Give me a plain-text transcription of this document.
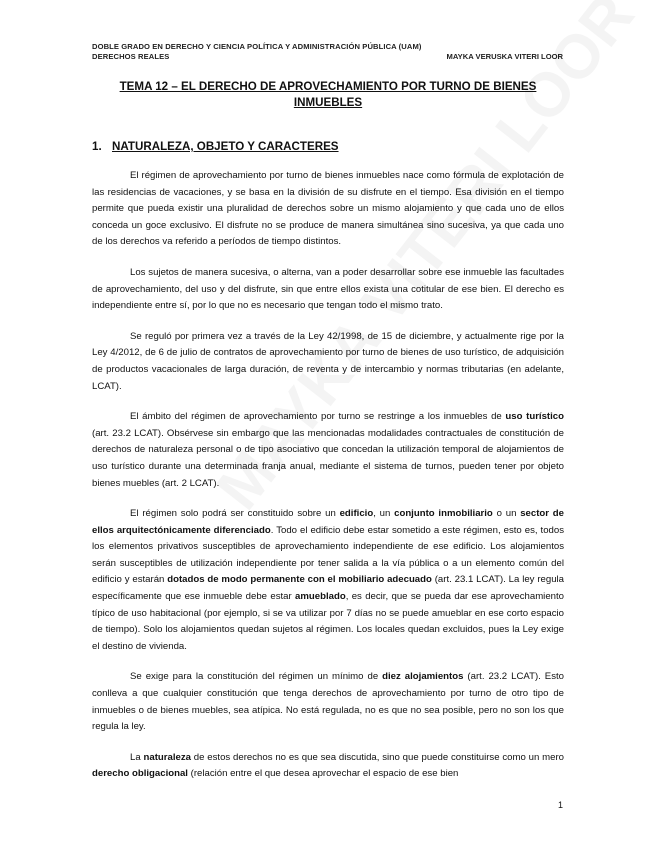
DOBLE GRADO EN DERECHO Y CIENCIA POLÍTICA Y ADMINISTRACIÓN PÚBLICA (UAM)
DERECHOS REALES	MAYKA VERUSKA VITERI LOOR
TEMA 12 – EL DERECHO DE APROVECHAMIENTO POR TURNO DE BIENES INMUEBLES
1. NATURALEZA, OBJETO Y CARACTERES

El régimen de aprovechamiento por turno de bienes inmuebles nace como fórmula de explotación de las residencias de vacaciones, y se basa en la división de su disfrute en el tiempo. Esa división en el tiempo permite que pueda existir una pluralidad de derechos sobre un mismo alojamiento y que cada uno de ellos conceda un goce exclusivo. El disfrute no se produce de manera simultánea sino sucesiva, ya que cada uno de los derechos va referido a períodos de tiempo distintos.

Los sujetos de manera sucesiva, o alterna, van a poder desarrollar sobre ese inmueble las facultades de aprovechamiento, del uso y del disfrute, sin que entre ellos exista una cotitular de ese bien. El derecho es independiente entre sí, por lo que no es necesario que tengan todo el mismo trato.

Se reguló por primera vez a través de la Ley 42/1998, de 15 de diciembre, y actualmente rige por la Ley 4/2012, de 6 de julio de contratos de aprovechamiento por turno de bienes de uso turístico, de adquisición de productos vacacionales de larga duración, de reventa y de intercambio y normas tributarias (en adelante, LCAT).

El ámbito del régimen de aprovechamiento por turno se restringe a los inmuebles de uso turístico (art. 23.2 LCAT). Obsérvese sin embargo que las mencionadas modalidades contractuales de constitución de derechos de naturaleza personal o de tipo asociativo que concedan la utilización temporal de alojamientos de uso turístico durante una determinada franja anual, mediante el sistema de turnos, pueden tener por objeto bienes muebles (art. 2 LCAT).

El régimen solo podrá ser constituido sobre un edificio, un conjunto inmobiliario o un sector de ellos arquitectónicamente diferenciado. Todo el edificio debe estar sometido a este régimen, esto es, todos los elementos privativos susceptibles de aprovechamiento independiente de ese edificio. Los alojamientos serán susceptibles de utilización independiente por tener salida a la vía pública o a un elemento común del edificio y estarán dotados de modo permanente con el mobiliario adecuado (art. 23.1 LCAT). La ley regula específicamente que ese inmueble debe estar amueblado, es decir, que se pueda dar ese aprovechamiento típico de uso habitacional (por ejemplo, si se va utilizar por 7 días no se puede amueblar en ese corto espacio de tiempo). Solo los alojamientos quedan sujetos al régimen. Los locales quedan excluidos, pues la Ley exige el destino de vivienda.

Se exige para la constitución del régimen un mínimo de diez alojamientos (art. 23.2 LCAT). Esto conlleva a que cualquier constitución que tenga derechos de aprovechamiento por turno de otro tipo de inmuebles o de bienes muebles, sea atípica. No está regulada, no es que no sea posible, pero no son los que regula la ley.

La naturaleza de estos derechos no es que sea discutida, sino que puede constituirse como un mero derecho obligacional (relación entre el que desea aprovechar el espacio de ese bien

1
